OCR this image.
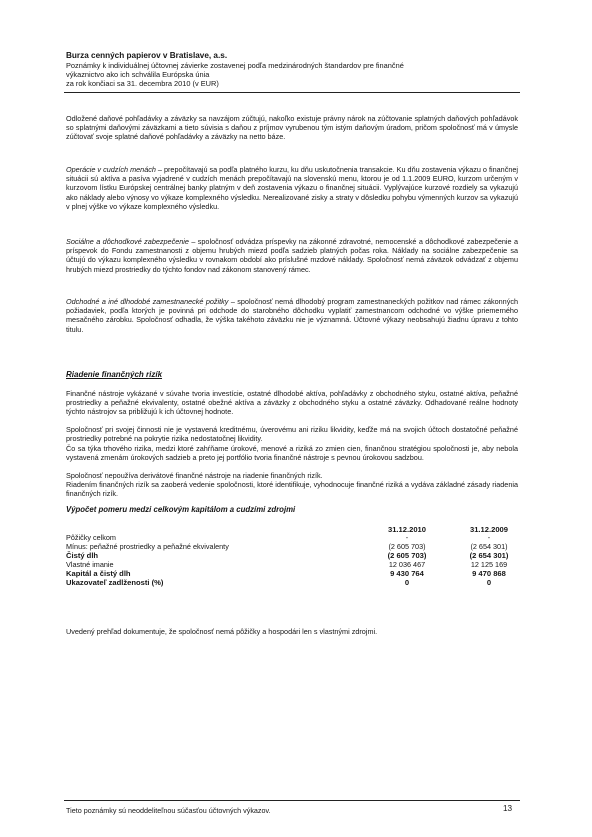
Burza cenných papierov v Bratislave, a.s.
Poznámky k individuálnej účtovnej závierke zostavenej podľa medzinárodných štandardov pre finančné
výkaznictvo ako ich schválila Európska únia
za rok končiaci sa 31. decembra 2010 (v EUR)

Odložené daňové pohľadávky a záväzky sa navzájom zúčtujú, nakoľko existuje právny nárok na zúčtovanie splatných daňových pohľadávok so splatnými daňovými záväzkami a tieto súvisia s daňou z príjmov vyrubenou tým istým daňovým úradom, pričom spoločnosť má v úmysle zúčtovať svoje splatné daňové pohľadávky a záväzky na netto báze.

Operácie v cudzích menách – prepočítavajú sa podľa platného kurzu, ku dňu uskutočnenia transakcie. Ku dňu zostavenia výkazu o finančnej situácii sú aktíva a pasíva vyjadrené v cudzích menách prepočítavajú na slovenskú menu, ktorou je od 1.1.2009 EURO, kurzom určeným v kurzovom lístku Európskej centrálnej banky platným v deň zostavenia výkazu o finančnej situácii. Vyplývajúce kurzové rozdiely sa vykazujú ako náklady alebo výnosy vo výkaze komplexného výsledku. Nerealizované zisky a straty v dôsledku pohybu výmenných kurzov sa vykazujú v plnej výške vo výkaze komplexného výsledku.

Sociálne a dôchodkové zabezpečenie – spoločnosť odvádza príspevky na zákonné zdravotné, nemocenské a dôchodkové zabezpečenie a príspevok do Fondu zamestnanosti z objemu hrubých miezd podľa sadzieb platných počas roka. Náklady na sociálne zabezpečenie sa účtujú do výkazu komplexného výsledku v rovnakom období ako príslušné mzdové náklady. Spoločnosť nemá záväzok odvádzať z objemu hrubých miezd prostriedky do týchto fondov nad zákonom stanovený rámec.

Odchodné a iné dlhodobé zamestnanecké požitky – spoločnosť nemá dlhodobý program zamestnaneckých požitkov nad rámec zákonných požiadaviek, podľa ktorých je povinná pri odchode do starobného dôchodku vyplatiť zamestnancom odchodné vo výške priemerného mesačného zárobku. Spoločnosť odhadla, že výška takéhoto záväzku nie je významná. Účtovné výkazy neobsahujú žiadnu úpravu z tohto titulu.

Riadenie finančných rizík

Finančné nástroje vykázané v súvahe tvoria investície, ostatné dlhodobé aktíva, pohľadávky z obchodného styku, ostatné aktíva, peňažné prostriedky a peňažné ekvivalenty, ostatné obežné aktíva a záväzky z obchodného styku a ostatné záväzky. Odhadované reálne hodnoty týchto nástrojov sa približujú k ich účtovnej hodnote.

Spoločnosť pri svojej činnosti nie je vystavená kreditnému, úverovému ani riziku likvidity, keďže má na svojich účtoch dostatočné peňažné prostriedky potrebné na pokrytie rizika nedostatočnej likvidity.

Čo sa týka trhového rizika, medzi ktoré zahŕňame úrokové, menové a riziká zo zmien cien, finančnou stratégiou spoločnosti je, aby nebola vystavená zmenám úrokových sadzieb a preto jej portfólio tvoria finančné nástroje s pevnou úrokovou sadzbou.

Spoločnosť nepoužíva derivátové finančné nástroje na riadenie finančných rizík.

Riadením finančných rizík sa zaoberá vedenie spoločnosti, ktoré identifikuje, vyhodnocuje finančné riziká a vydáva základné zásady riadenia finančných rizík.

Výpočet pomeru medzi celkovým kapitálom a cudzími zdrojmi
	31.12.2010	31.12.2009
Pôžičky celkom	-	-
Mínus: peňažné prostriedky a peňažné ekvivalenty	(2 605 703)	(2 654 301)
Čistý dlh	(2 605 703)	(2 654 301)
Vlastné imanie	12 036 467	12 125 169
Kapitál a čistý dlh	9 430 764	9 470 868
Ukazovateľ zadlženosti (%)	0	0

Uvedený prehľad dokumentuje, že spoločnosť nemá pôžičky a hospodári len s vlastnými zdrojmi.

Tieto poznámky sú neoddeliteľnou súčasťou účtovných výkazov.	13
